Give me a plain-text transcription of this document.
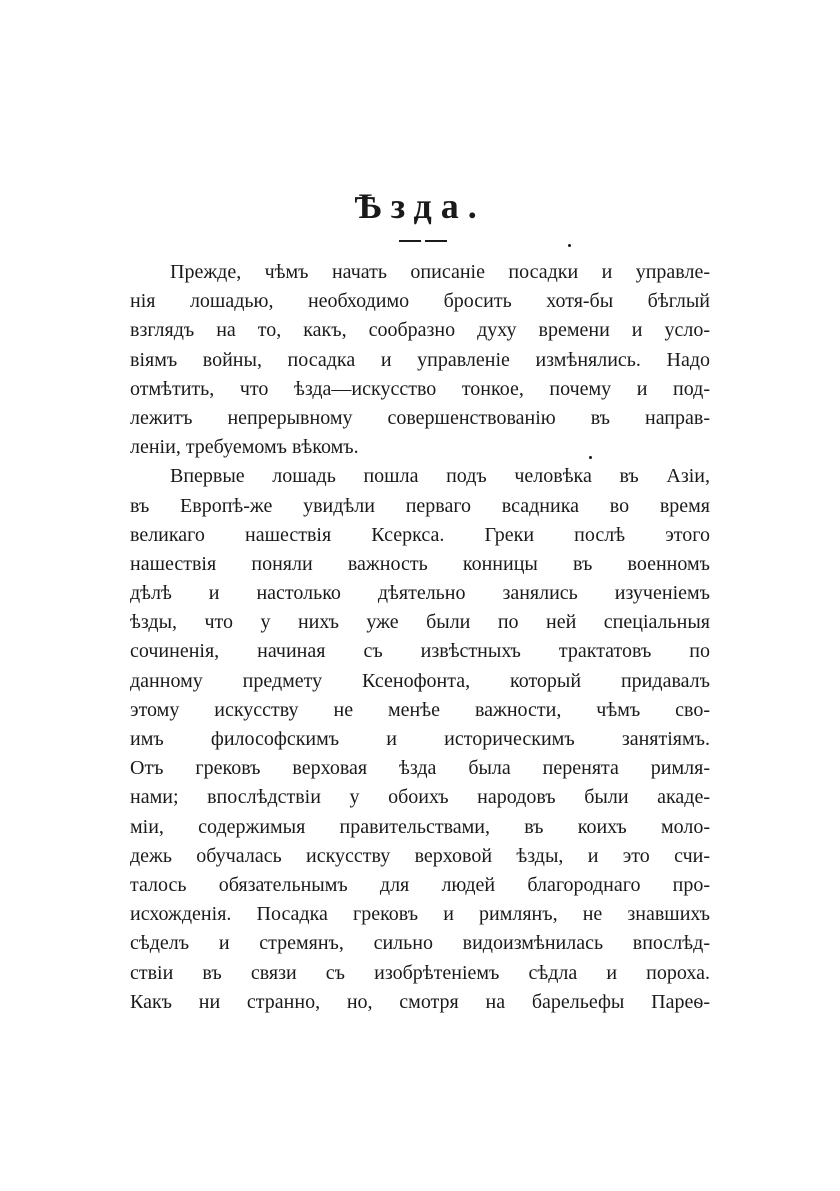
Ѣзда.
Прежде, чѣмъ начать описаніе посадки и управле-
нія лошадью, необходимо бросить хотя-бы бѣглый
взглядъ на то, какъ, сообразно духу времени и усло-
віямъ войны, посадка и управленіе измѣнялись. Надо
отмѣтить, что ѣзда—искусство тонкое, почему и под-
лежитъ непрерывному совершенствованію въ направ-
леніи, требуемомъ вѣкомъ.
Впервые лошадь пошла подъ человѣка въ Азіи,
въ Европѣ-же увидѣли перваго всадника во время
великаго нашествія Ксеркса. Греки послѣ этого
нашествія поняли важность конницы въ военномъ
дѣлѣ и настолько дѣятельно занялись изученіемъ
ѣзды, что у нихъ уже были по ней спеціальныя
сочиненія, начиная съ извѣстныхъ трактатовъ по
данному предмету Ксенофонта, который придавалъ
этому искусству не менѣе важности, чѣмъ сво-
имъ философскимъ и историческимъ занятіямъ.
Отъ грековъ верховая ѣзда была перенята римля-
нами; впослѣдствіи у обоихъ народовъ были акаде-
міи, содержимыя правительствами, въ коихъ моло-
дежь обучалась искусству верховой ѣзды, и это счи-
талось обязательнымъ для людей благороднаго про-
исхожденія. Посадка грековъ и римлянъ, не знавшихъ
сѣделъ и стремянъ, сильно видоизмѣнилась впослѣд-
ствіи въ связи съ изобрѣтеніемъ сѣдла и пороха.
Какъ ни странно, но, смотря на барельефы Пареѳ-
